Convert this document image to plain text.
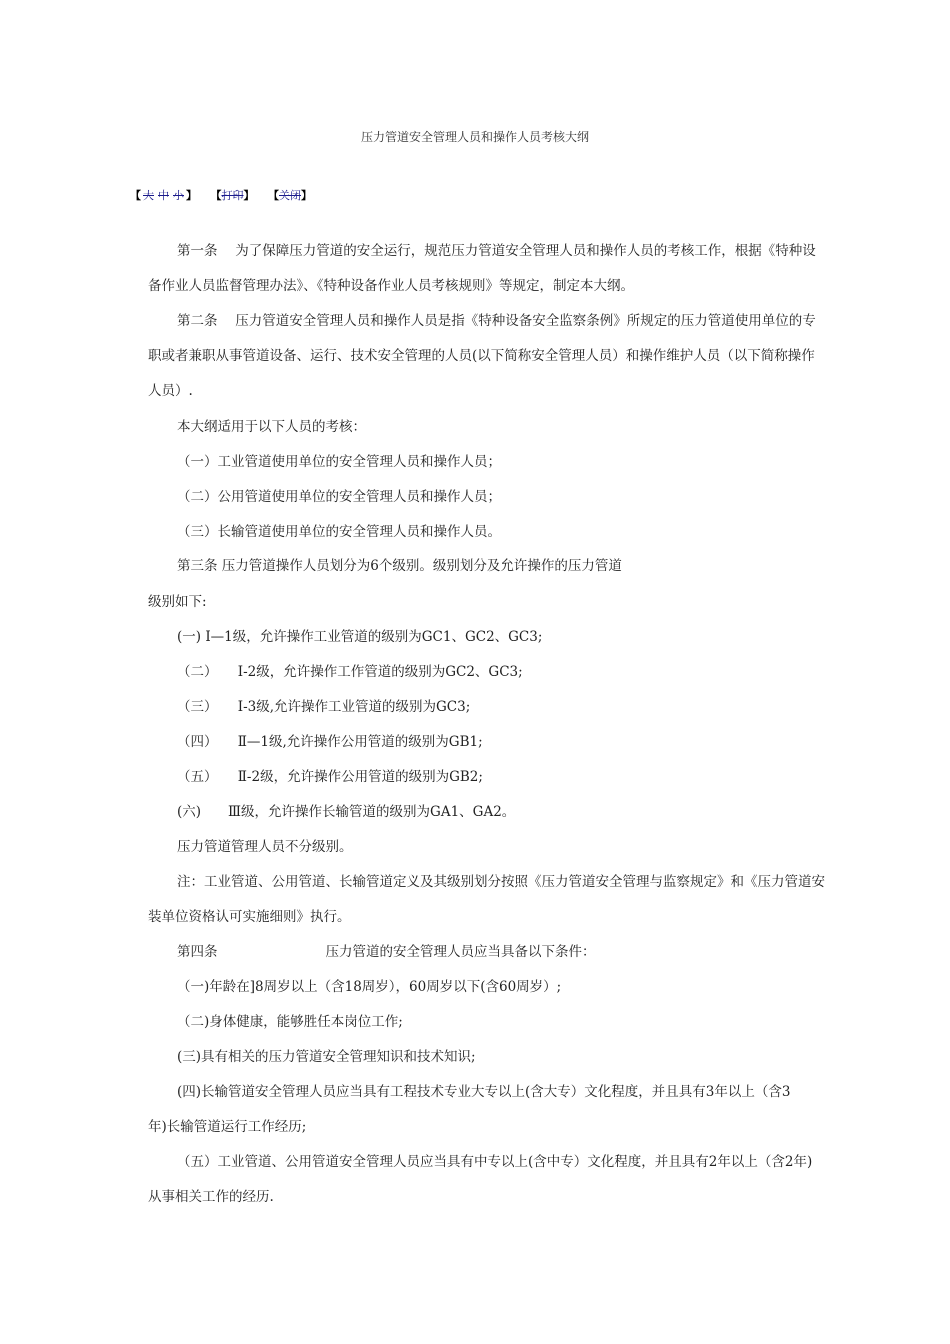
压力管道安全管理人员和操作人员考核大纲
【 大 中 小 】 【打印】 【关闭】
第一条　 为了保障压力管道的安全运行，规范压力管道安全管理人员和操作人员的考核工作，根据《特种设
备作业人员监督管理办法》、《特种设备作业人员考核规则》等规定，制定本大纲。
第二条　 压力管道安全管理人员和操作人员是指《特种设备安全监察条例》所规定的压力管道使用单位的专
职或者兼职从事管道设备、运行、技术安全管理的人员(以下简称安全管理人员）和操作维护人员（以下简称操作
人员）.
本大纲适用于以下人员的考核：
（一）工业管道使用单位的安全管理人员和操作人员；
（二）公用管道使用单位的安全管理人员和操作人员；
（三）长输管道使用单位的安全管理人员和操作人员。
第三条 压力管道操作人员划分为6个级别。级别划分及允许操作的压力管道
级别如下:
(一) Ⅰ—1级，允许操作工业管道的级别为GC1、GC2、GC3;
（二）　　Ⅰ-2级，允许操作工作管道的级别为GC2、GC3;
（三）　　Ⅰ-3级,允许操作工业管道的级别为GC3;
（四）　　Ⅱ—1级,允许操作公用管道的级别为GB1;
（五）　　Ⅱ-2级，允许操作公用管道的级别为GB2;
(六)　　Ⅲ级，允许操作长输管道的级别为GA1、GA2。
压力管道管理人员不分级别。
注：工业管道、公用管道、长输管道定义及其级别划分按照《压力管道安全管理与监察规定》和《压力管道安
装单位资格认可实施细则》执行。
第四条　　　　　　　　压力管道的安全管理人员应当具备以下条件：
（一)年龄在]8周岁以上（含18周岁），60周岁以下(含60周岁）;
（二)身体健康，能够胜任本岗位工作;
(三)具有相关的压力管道安全管理知识和技术知识;
(四)长输管道安全管理人员应当具有工程技术专业大专以上(含大专）文化程度，并且具有3年以上（含3
年)长输管道运行工作经历;
（五）工业管道、公用管道安全管理人员应当具有中专以上(含中专）文化程度，并且具有2年以上（含2年)
从事相关工作的经历.
